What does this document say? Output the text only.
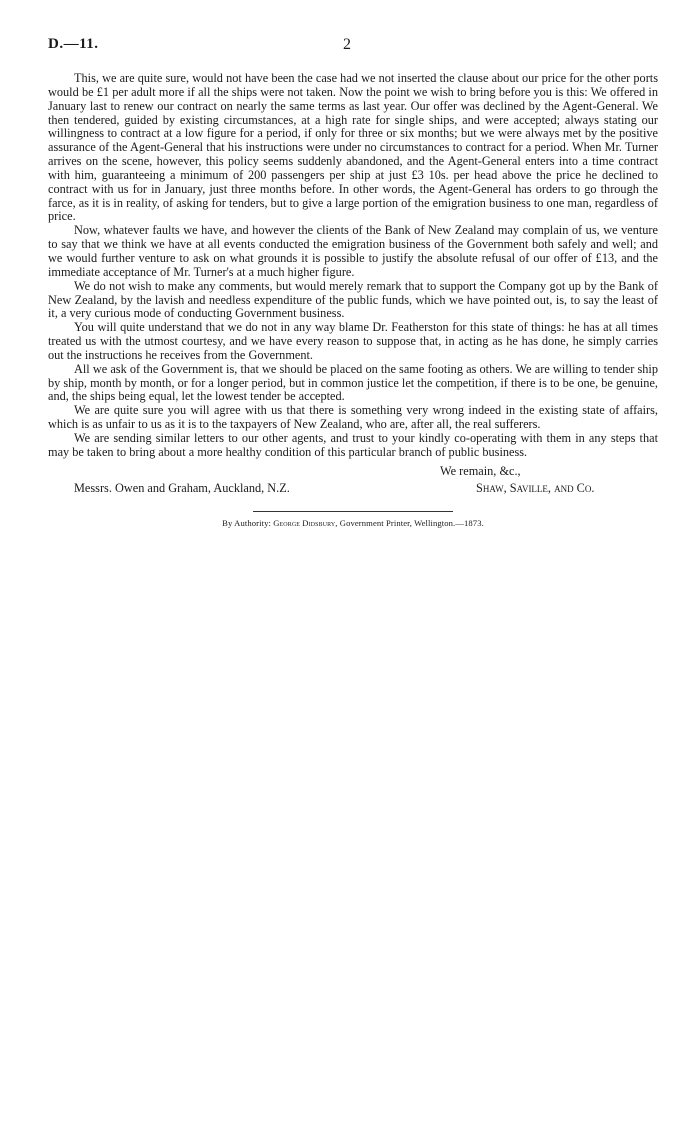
D.—11.	2

This, we are quite sure, would not have been the case had we not inserted the clause about our price for the other ports would be £1 per adult more if all the ships were not taken. Now the point we wish to bring before you is this: We offered in January last to renew our contract on nearly the same terms as last year. Our offer was declined by the Agent-General. We then tendered, guided by existing circumstances, at a high rate for single ships, and were accepted; always stating our willingness to contract at a low figure for a period, if only for three or six months; but we were always met by the positive assurance of the Agent-General that his instructions were under no circumstances to contract for a period. When Mr. Turner arrives on the scene, however, this policy seems suddenly abandoned, and the Agent-General enters into a time contract with him, guaranteeing a minimum of 200 passengers per ship at just £3 10s. per head above the price he declined to contract with us for in January, just three months before. In other words, the Agent-General has orders to go through the farce, as it is in reality, of asking for tenders, but to give a large portion of the emigration business to one man, regardless of price.

Now, whatever faults we have, and however the clients of the Bank of New Zealand may complain of us, we venture to say that we think we have at all events conducted the emigration business of the Government both safely and well; and we would further venture to ask on what grounds it is possible to justify the absolute refusal of our offer of £13, and the immediate acceptance of Mr. Turner's at a much higher figure.

We do not wish to make any comments, but would merely remark that to support the Company got up by the Bank of New Zealand, by the lavish and needless expenditure of the public funds, which we have pointed out, is, to say the least of it, a very curious mode of conducting Government business.

You will quite understand that we do not in any way blame Dr. Featherston for this state of things: he has at all times treated us with the utmost courtesy, and we have every reason to suppose that, in acting as he has done, he simply carries out the instructions he receives from the Government.

All we ask of the Government is, that we should be placed on the same footing as others. We are willing to tender ship by ship, month by month, or for a longer period, but in common justice let the competition, if there is to be one, be genuine, and, the ships being equal, let the lowest tender be accepted.

We are quite sure you will agree with us that there is something very wrong indeed in the existing state of affairs, which is as unfair to us as it is to the taxpayers of New Zealand, who are, after all, the real sufferers.

We are sending similar letters to our other agents, and trust to your kindly co-operating with them in any steps that may be taken to bring about a more healthy condition of this particular branch of public business.

We remain, &c.,
Messrs. Owen and Graham, Auckland, N.Z.	Shaw, Saville, and Co.
By Authority: George Didsbury, Government Printer, Wellington.—1873.
